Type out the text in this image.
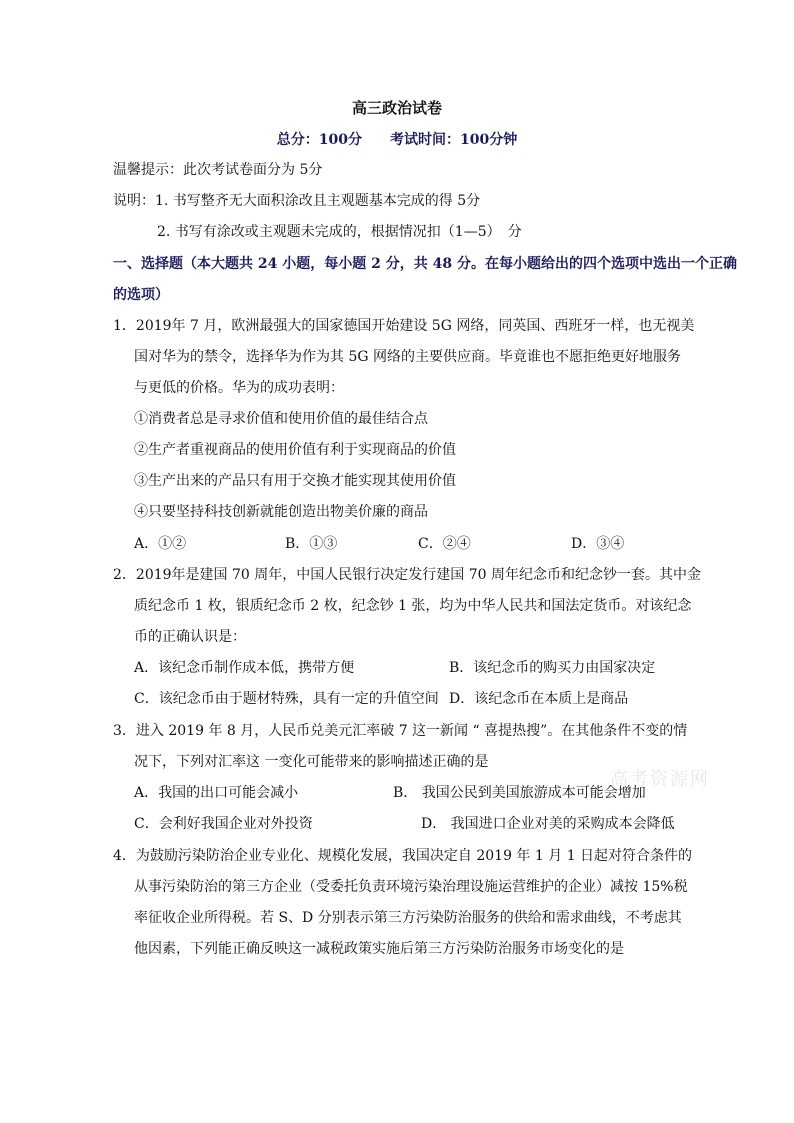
高三政治试卷
总分：100分 考试时间：100分钟
温馨提示：此次考试卷面分为 5分
说明：1. 书写整齐无大面积涂改且主观题基本完成的得 5分
2. 书写有涂改或主观题未完成的，根据情况扣（1—5）　分
一、选择题（本大题共 24 小题，每小题 2 分，共 48 分。在每小题给出的四个选项中选出一个正确
的选项）
1．2019年 7 月，欧洲最强大的国家德国开始建设 5G 网络，同英国、西班牙一样，也无视美
国对华为的禁令，选择华为作为其 5G 网络的主要供应商。毕竟谁也不愿拒绝更好地服务
与更低的价格。华为的成功表明：
①消费者总是寻求价值和使用价值的最佳结合点
②生产者重视商品的使用价值有利于实现商品的价值
③生产出来的产品只有用于交换才能实现其使用价值
④只要坚持科技创新就能创造出物美价廉的商品
A．①②	B．①③	C．②④	D．③④
2．2019年是建国 70 周年，中国人民银行决定发行建国 70 周年纪念币和纪念钞一套。其中金
质纪念币 1 枚，银质纪念币 2 枚，纪念钞 1 张，均为中华人民共和国法定货币。对该纪念
币的正确认识是：
A．该纪念币制作成本低，携带方便	B．该纪念币的购买力由国家决定
C．该纪念币由于题材特殊，具有一定的升值空间 D．该纪念币在本质上是商品
3．进入 2019 年 8 月，人民币兑美元汇率破 7 这一新闻 “ 喜提热搜”。在其他条件不变的情
况下，下列对汇率这 一变化可能带来的影响描述正确的是
A．我国的出口可能会减小	B． 我国公民到美国旅游成本可能会增加
C．会利好我国企业对外投资	D． 我国进口企业对美的采购成本会降低
4．为鼓励污染防治企业专业化、规模化发展，我国决定自 2019 年 1 月 1 日起对符合条件的
从事污染防治的第三方企业（受委托负责环境污染治理设施运营维护的企业）减按 15%税
率征收企业所得税。若 S、D 分别表示第三方污染防治服务的供给和需求曲线，不考虑其
他因素，下列能正确反映这一减税政策实施后第三方污染防治服务市场变化的是
高考资源网
